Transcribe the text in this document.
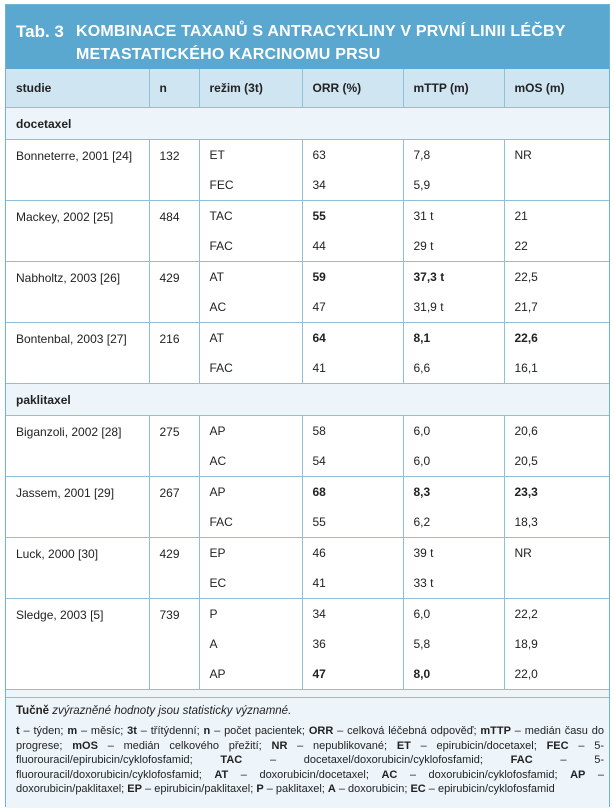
Tab. 3 KOMBINACE TAXANŮ S ANTRACYKLINY V PRVNÍ LINII LÉČBY METASTATICKÉHO KARCINOMU PRSU
studie	n	režim (3t)	ORR (%)	mTTP (m)	mOS (m)
docetaxel					
Bonneterre, 2001 [24]	132	ET	63	7,8	NR
		FEC	34	5,9	
Mackey, 2002 [25]	484	TAC	55	31 t	21
		FAC	44	29 t	22
Nabholtz, 2003 [26]	429	AT	59	37,3 t	22,5
		AC	47	31,9 t	21,7
Bontenbal, 2003 [27]	216	AT	64	8,1	22,6
		FAC	41	6,6	16,1
paklitaxel					
Biganzoli, 2002 [28]	275	AP	58	6,0	20,6
		AC	54	6,0	20,5
Jassem, 2001 [29]	267	AP	68	8,3	23,3
		FAC	55	6,2	18,3
Luck, 2000 [30]	429	EP	46	39 t	NR
		EC	41	33 t	
Sledge, 2003 [5]	739	P	34	6,0	22,2
		A	36	5,8	18,9
		AP	47	8,0	22,0
Tučně zvýrazněné hodnoty jsou statisticky významné.
t – týden; m – měsíc; 3t – třítýdenní; n – počet pacientek; ORR – celková léčebná odpověď; mTTP – medián času do progrese; mOS – medián celkového přežití; NR – nepublikované; ET – epirubicin/docetaxel; FEC – 5-fluorouracil/epirubicin/cyklofosfamid; TAC – docetaxel/doxorubicin/cyklofosfamid; FAC – 5-fluorouracil/doxorubicin/cyklofosfamid; AT – doxorubicin/docetaxel; AC – doxorubicin/cyklofosfamid; AP – doxorubicin/paklitaxel; EP – epirubicin/paklitaxel; P – paklitaxel; A – doxorubicin; EC – epirubicin/cyklofosfamid
